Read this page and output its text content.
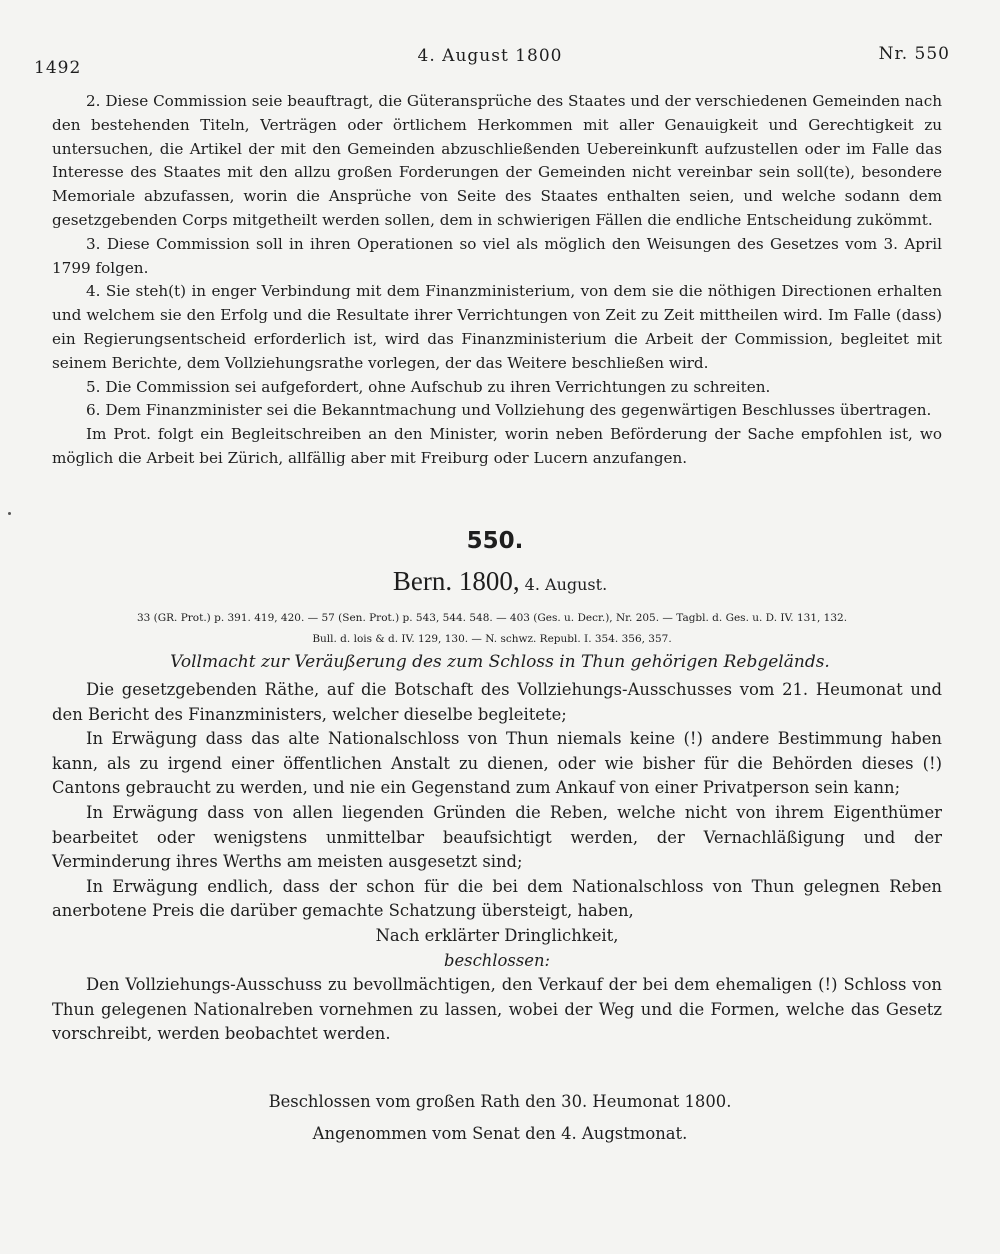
1492
4. August 1800	Nr. 550

2. Diese Commission seie beauftragt, die Güteransprüche des Staates und der verschiedenen Gemeinden nach den bestehenden Titeln, Verträgen oder örtlichem Herkommen mit aller Genauigkeit und Gerechtigkeit zu untersuchen, die Artikel der mit den Gemeinden abzuschließenden Uebereinkunft aufzustellen oder im Falle das Interesse des Staates mit den allzu großen Forderungen der Gemeinden nicht vereinbar sein soll(te), besondere Memoriale abzufassen, worin die Ansprüche von Seite des Staates enthalten seien, und welche sodann dem gesetzgebenden Corps mitgetheilt werden sollen, dem in schwierigen Fällen die endliche Entscheidung zukömmt.

3. Diese Commission soll in ihren Operationen so viel als möglich den Weisungen des Gesetzes vom 3. April 1799 folgen.

4. Sie steh(t) in enger Verbindung mit dem Finanzministerium, von dem sie die nöthigen Directionen erhalten und welchem sie den Erfolg und die Resultate ihrer Verrichtungen von Zeit zu Zeit mittheilen wird. Im Falle (dass) ein Regierungsentscheid erforderlich ist, wird das Finanzministerium die Arbeit der Commission, begleitet mit seinem Berichte, dem Vollziehungsrathe vorlegen, der das Weitere beschließen wird.

5. Die Commission sei aufgefordert, ohne Aufschub zu ihren Verrichtungen zu schreiten.

6. Dem Finanzminister sei die Bekanntmachung und Vollziehung des gegenwärtigen Beschlusses übertragen.

Im Prot. folgt ein Begleitschreiben an den Minister, worin neben Beförderung der Sache empfohlen ist, wo möglich die Arbeit bei Zürich, allfällig aber mit Freiburg oder Lucern anzufangen.

550.
Bern. 1800, 4. August.
33 (GR. Prot.) p. 391. 419, 420. — 57 (Sen. Prot.) p. 543, 544. 548. — 403 (Ges. u. Decr.), Nr. 205. — Tagbl. d. Ges. u. D. IV. 131, 132.
Bull. d. lois & d. IV. 129, 130. — N. schwz. Republ. I. 354. 356, 357.
Vollmacht zur Veräußerung des zum Schloss in Thun gehörigen Rebgeländs.

Die gesetzgebenden Räthe, auf die Botschaft des Vollziehungs-Ausschusses vom 21. Heumonat und den Bericht des Finanzministers, welcher dieselbe begleitete;

In Erwägung dass das alte Nationalschloss von Thun niemals keine (!) andere Bestimmung haben kann, als zu irgend einer öffentlichen Anstalt zu dienen, oder wie bisher für die Behörden dieses (!) Cantons gebraucht zu werden, und nie ein Gegenstand zum Ankauf von einer Privatperson sein kann;

In Erwägung dass von allen liegenden Gründen die Reben, welche nicht von ihrem Eigenthümer bearbeitet oder wenigstens unmittelbar beaufsichtigt werden, der Vernachläßigung und der Verminderung ihres Werths am meisten ausgesetzt sind;

In Erwägung endlich, dass der schon für die bei dem Nationalschloss von Thun gelegnen Reben anerbotene Preis die darüber gemachte Schatzung übersteigt, haben,

Nach erklärter Dringlichkeit,

beschlossen:

Den Vollziehungs-Ausschuss zu bevollmächtigen, den Verkauf der bei dem ehemaligen (!) Schloss von Thun gelegenen Nationalreben vornehmen zu lassen, wobei der Weg und die Formen, welche das Gesetz vorschreibt, werden beobachtet werden.

Beschlossen vom großen Rath den 30. Heumonat 1800.
Angenommen vom Senat den 4. Augstmonat.
